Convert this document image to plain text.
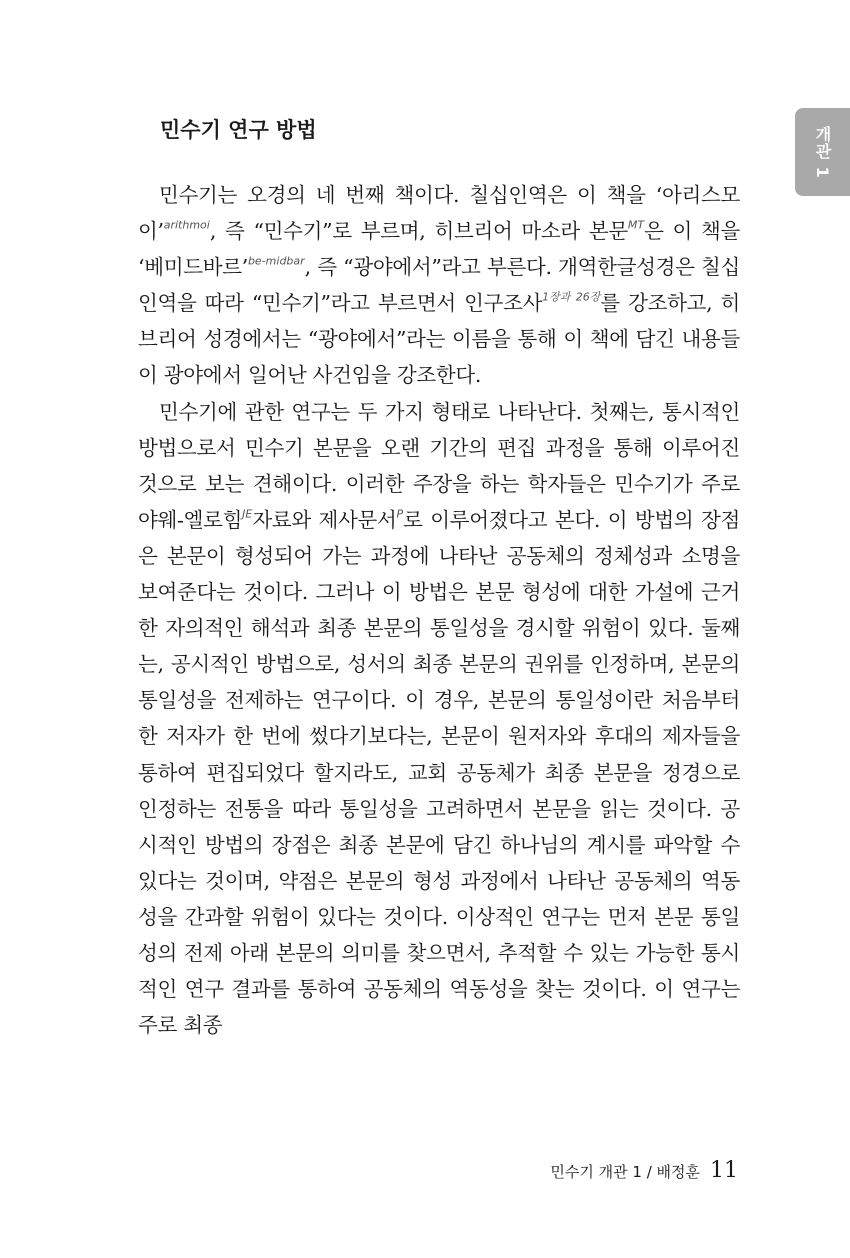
개관 1
민수기 연구 방법

민수기는 오경의 네 번째 책이다. 칠십인역은 이 책을 ‘아리스모이’$^{arithmoi}$, 즉 “민수기”로 부르며, 히브리어 마소라 본문$^{MT}$은 이 책을 ‘베미드바르’$^{be-midbar}$, 즉 “광야에서”라고 부른다. 개역한글성경은 칠십인역을 따라 “민수기”라고 부르면서 인구조사$^{1장과 26장}$를 강조하고, 히브리어 성경에서는 “광야에서”라는 이름을 통해 이 책에 담긴 내용들이 광야에서 일어난 사건임을 강조한다.

민수기에 관한 연구는 두 가지 형태로 나타난다. 첫째는, 통시적인 방법으로서 민수기 본문을 오랜 기간의 편집 과정을 통해 이루어진 것으로 보는 견해이다. 이러한 주장을 하는 학자들은 민수기가 주로 야웨-엘로힘$^{JE}$자료와 제사문서$^P$로 이루어졌다고 본다. 이 방법의 장점은 본문이 형성되어 가는 과정에 나타난 공동체의 정체성과 소명을 보여준다는 것이다. 그러나 이 방법은 본문 형성에 대한 가설에 근거한 자의적인 해석과 최종 본문의 통일성을 경시할 위험이 있다. 둘째는, 공시적인 방법으로, 성서의 최종 본문의 권위를 인정하며, 본문의 통일성을 전제하는 연구이다. 이 경우, 본문의 통일성이란 처음부터 한 저자가 한 번에 썼다기보다는, 본문이 원저자와 후대의 제자들을 통하여 편집되었다 할지라도, 교회 공동체가 최종 본문을 정경으로 인정하는 전통을 따라 통일성을 고려하면서 본문을 읽는 것이다. 공시적인 방법의 장점은 최종 본문에 담긴 하나님의 계시를 파악할 수 있다는 것이며, 약점은 본문의 형성 과정에서 나타난 공동체의 역동성을 간과할 위험이 있다는 것이다. 이상적인 연구는 먼저 본문 통일성의 전제 아래 본문의 의미를 찾으면서, 추적할 수 있는 가능한 통시적인 연구 결과를 통하여 공동체의 역동성을 찾는 것이다. 이 연구는 주로 최종

민수기 개관 1 / 배정훈 11
